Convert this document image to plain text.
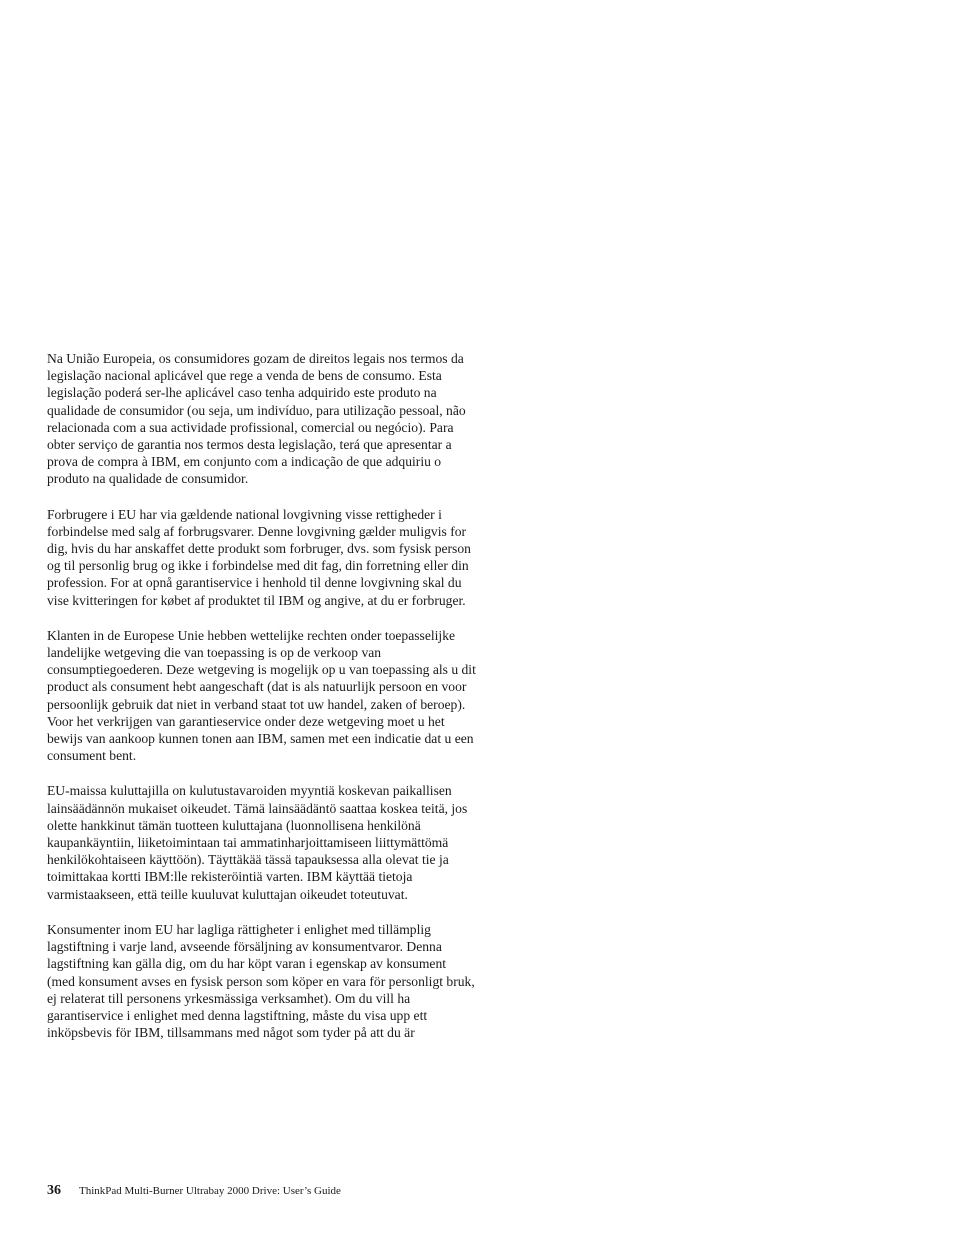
Na União Europeia, os consumidores gozam de direitos legais nos termos da
legislação nacional aplicável que rege a venda de bens de consumo. Esta
legislação poderá ser-lhe aplicável caso tenha adquirido este produto na
qualidade de consumidor (ou seja, um indivíduo, para utilização pessoal, não
relacionada com a sua actividade profissional, comercial ou negócio). Para
obter serviço de garantia nos termos desta legislação, terá que apresentar a
prova de compra à IBM, em conjunto com a indicação de que adquiriu o
produto na qualidade de consumidor.

Forbrugere i EU har via gældende national lovgivning visse rettigheder i
forbindelse med salg af forbrugsvarer. Denne lovgivning gælder muligvis for
dig, hvis du har anskaffet dette produkt som forbruger, dvs. som fysisk person
og til personlig brug og ikke i forbindelse med dit fag, din forretning eller din
profession. For at opnå garantiservice i henhold til denne lovgivning skal du
vise kvitteringen for købet af produktet til IBM og angive, at du er forbruger.

Klanten in de Europese Unie hebben wettelijke rechten onder toepasselijke
landelijke wetgeving die van toepassing is op de verkoop van
consumptiegoederen. Deze wetgeving is mogelijk op u van toepassing als u dit
product als consument hebt aangeschaft (dat is als natuurlijk persoon en voor
persoonlijk gebruik dat niet in verband staat tot uw handel, zaken of beroep).
Voor het verkrijgen van garantieservice onder deze wetgeving moet u het
bewijs van aankoop kunnen tonen aan IBM, samen met een indicatie dat u een
consument bent.

EU-maissa kuluttajilla on kulutustavaroiden myyntiä koskevan paikallisen
lainsäädännön mukaiset oikeudet. Tämä lainsäädäntö saattaa koskea teitä, jos
olette hankkinut tämän tuotteen kuluttajana (luonnollisena henkilönä
kaupankäyntiin, liiketoimintaan tai ammatinharjoittamiseen liittymättömä
henkilökohtaiseen käyttöön). Täyttäkää tässä tapauksessa alla olevat tie ja
toimittakaa kortti IBM:lle rekisteröintiä varten. IBM käyttää tietoja
varmistaakseen, että teille kuuluvat kuluttajan oikeudet toteutuvat.

Konsumenter inom EU har lagliga rättigheter i enlighet med tillämplig
lagstiftning i varje land, avseende försäljning av konsumentvaror. Denna
lagstiftning kan gälla dig, om du har köpt varan i egenskap av konsument
(med konsument avses en fysisk person som köper en vara för personligt bruk,
ej relaterat till personens yrkesmässiga verksamhet). Om du vill ha
garantiservice i enlighet med denna lagstiftning, måste du visa upp ett
inköpsbevis för IBM, tillsammans med något som tyder på att du är

36 ThinkPad Multi-Burner Ultrabay 2000 Drive: User’s Guide
